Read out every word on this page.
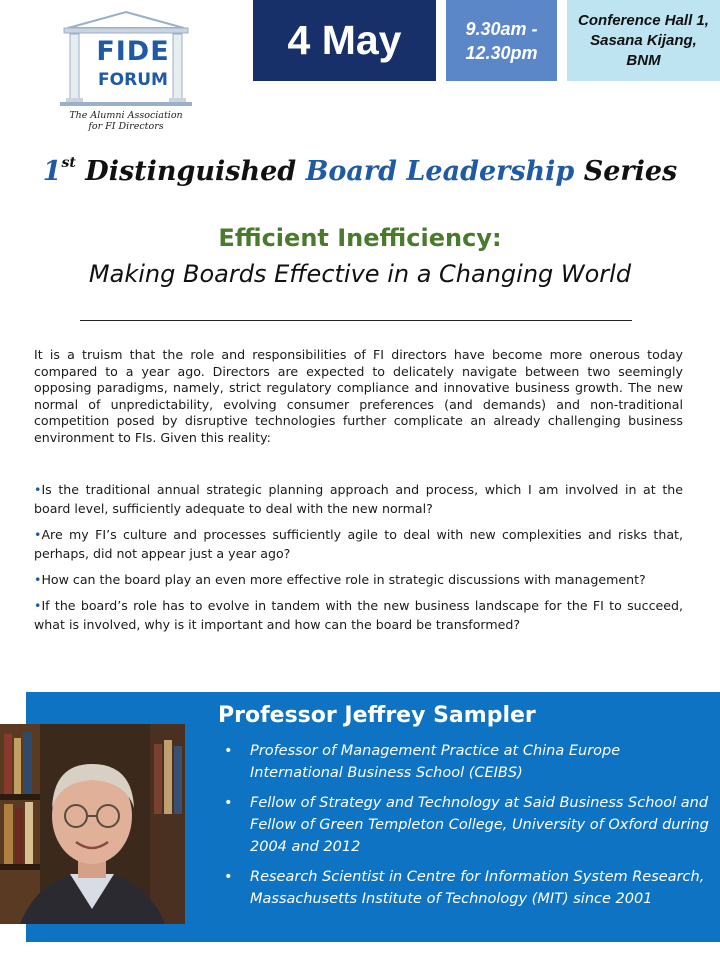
FIDE
FORUM
The Alumni Association
for FI Directors
4 May	9.30am -
12.30pm
Conference Hall 1,
Sasana Kijang,
BNM
1st Distinguished Board Leadership Series
Efficient Inefficiency:
Making Boards Effective in a Changing World

It is a truism that the role and responsibilities of FI directors have become more onerous today compared to a year ago. Directors are expected to delicately navigate between two seemingly opposing paradigms, namely, strict regulatory compliance and innovative business growth. The new normal of unpredictability, evolving consumer preferences (and demands) and non-traditional competition posed by disruptive technologies further complicate an already challenging business environment to FIs. Given this reality:

•Is the traditional annual strategic planning approach and process, which I am involved in at the board level, sufficiently adequate to deal with the new normal?
•Are my FI’s culture and processes sufficiently agile to deal with new complexities and risks that, perhaps, did not appear just a year ago?
•How can the board play an even more effective role in strategic discussions with management?
•If the board’s role has to evolve in tandem with the new business landscape for the FI to succeed, what is involved, why is it important and how can the board be transformed?
Professor Jeffrey Sampler
• Professor of Management Practice at China Europe International Business School (CEIBS)
• Fellow of Strategy and Technology at Said Business School and Fellow of Green Templeton College, University of Oxford during 2004 and 2012
• Research Scientist in Centre for Information System Research, Massachusetts Institute of Technology (MIT) since 2001
